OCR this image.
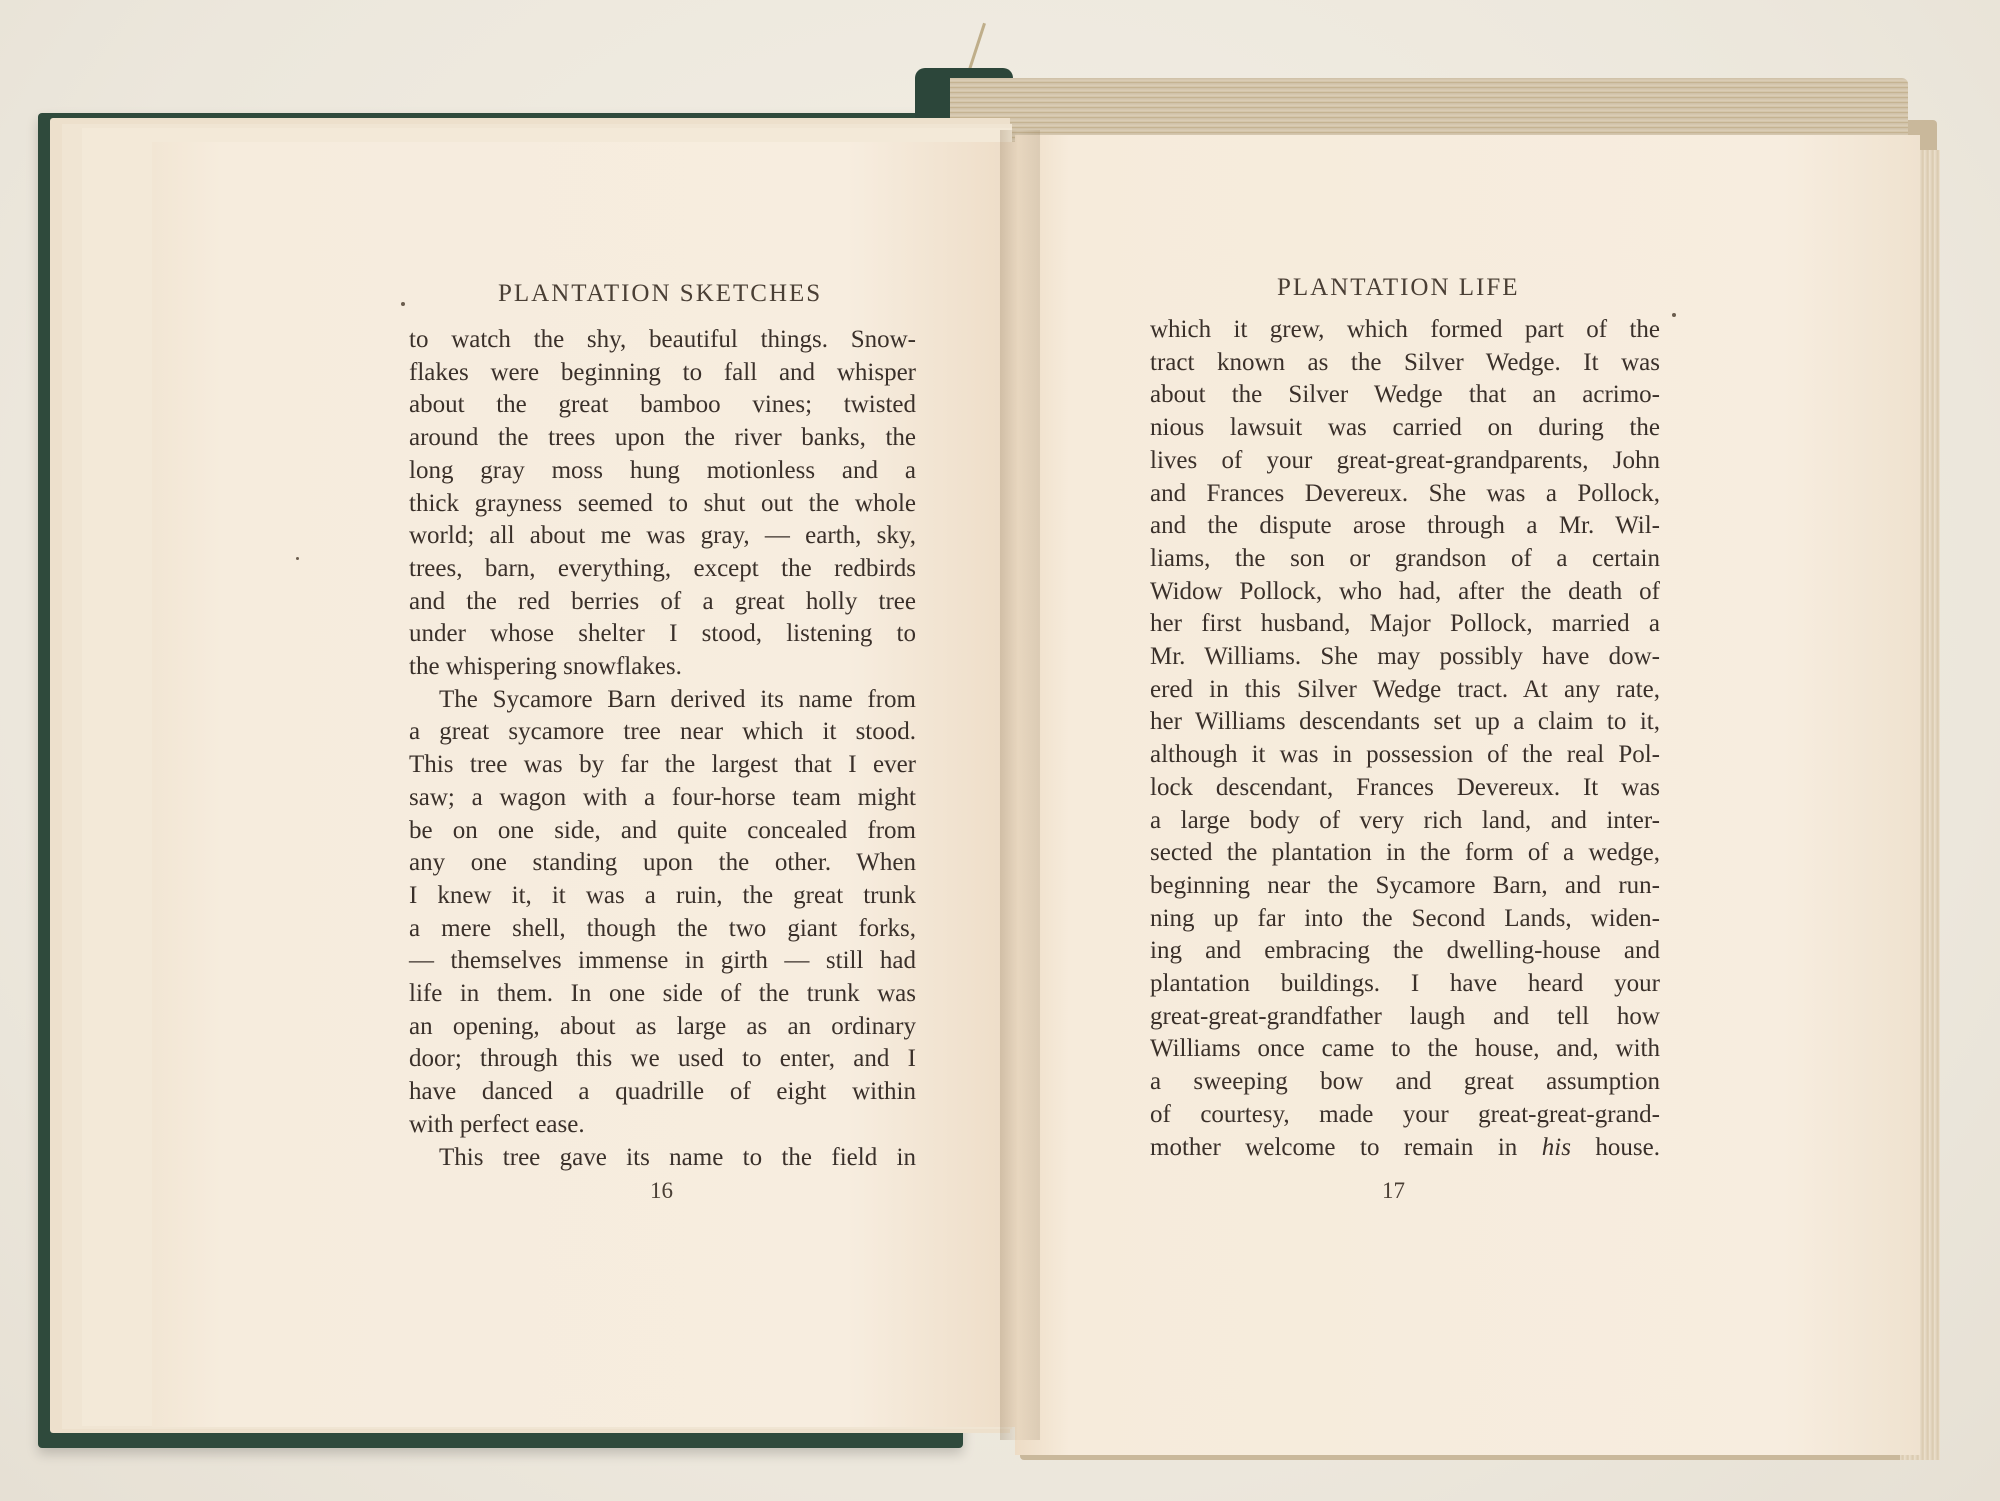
PLANTATION SKETCHES
to watch the shy, beautiful things. Snow-
flakes were beginning to fall and whisper
about the great bamboo vines; twisted
around the trees upon the river banks, the
long gray moss hung motionless and a
thick grayness seemed to shut out the whole
world; all about me was gray, — earth, sky,
trees, barn, everything, except the redbirds
and the red berries of a great holly tree
under whose shelter I stood, listening to
the whispering snowflakes.
The Sycamore Barn derived its name from
a great sycamore tree near which it stood.
This tree was by far the largest that I ever
saw; a wagon with a four-horse team might
be on one side, and quite concealed from
any one standing upon the other. When
I knew it, it was a ruin, the great trunk
a mere shell, though the two giant forks,
— themselves immense in girth — still had
life in them. In one side of the trunk was
an opening, about as large as an ordinary
door; through this we used to enter, and I
have danced a quadrille of eight within
with perfect ease.
This tree gave its name to the field in
16
PLANTATION LIFE
which it grew, which formed part of the
tract known as the Silver Wedge. It was
about the Silver Wedge that an acrimo-
nious lawsuit was carried on during the
lives of your great-great-grandparents, John
and Frances Devereux. She was a Pollock,
and the dispute arose through a Mr. Wil-
liams, the son or grandson of a certain
Widow Pollock, who had, after the death of
her first husband, Major Pollock, married a
Mr. Williams. She may possibly have dow-
ered in this Silver Wedge tract. At any rate,
her Williams descendants set up a claim to it,
although it was in possession of the real Pol-
lock descendant, Frances Devereux. It was
a large body of very rich land, and inter-
sected the plantation in the form of a wedge,
beginning near the Sycamore Barn, and run-
ning up far into the Second Lands, widen-
ing and embracing the dwelling-house and
plantation buildings. I have heard your
great-great-grandfather laugh and tell how
Williams once came to the house, and, with
a sweeping bow and great assumption
of courtesy, made your great-great-grand-
mother welcome to remain in his house.
17
